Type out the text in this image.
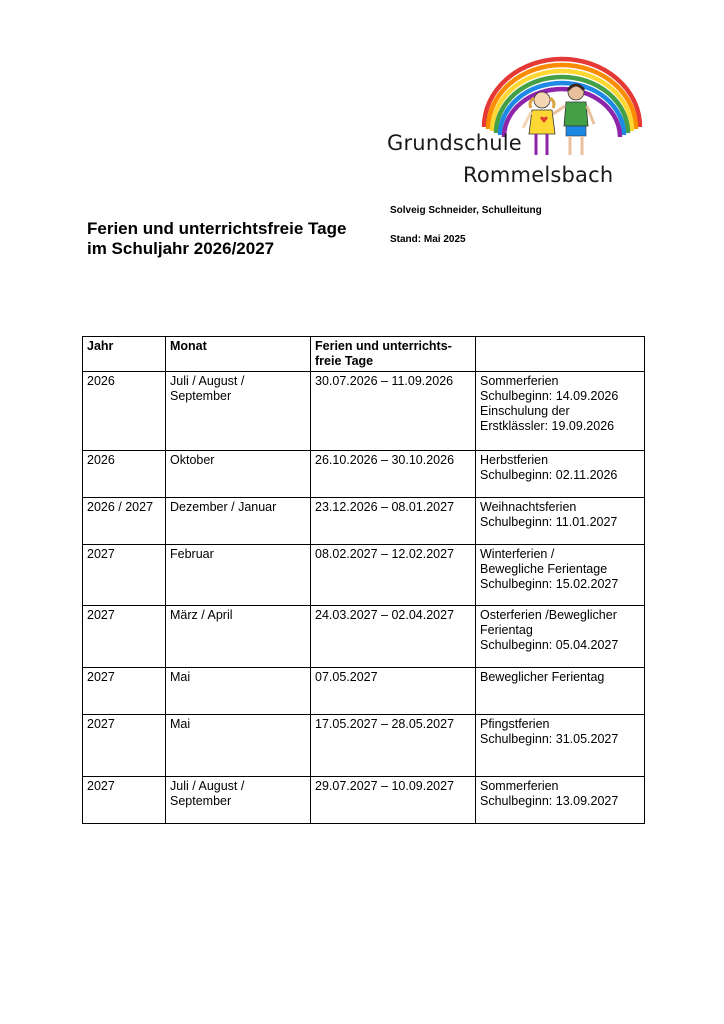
Grundschule
Rommelsbach
Ferien und unterrichtsfreie Tage im Schuljahr 2026/2027
Solveig Schneider, Schulleitung
Stand: Mai 2025
Jahr	Monat	Ferien und unterrichts-
freie Tage	

2026	Juli / August /
September	30.07.2026 – 11.09.2026	Sommerferien
Schulbeginn: 14.09.2026
Einschulung der
Erstklässler: 19.09.2026

2026	Oktober	26.10.2026 – 30.10.2026	Herbstferien
Schulbeginn: 02.11.2026

2026 / 2027	Dezember / Januar	23.12.2026 – 08.01.2027	Weihnachtsferien
Schulbeginn: 11.01.2027

2027	Februar	08.02.2027 – 12.02.2027	Winterferien /
Bewegliche Ferientage
Schulbeginn: 15.02.2027

2027	März / April	24.03.2027 – 02.04.2027	Osterferien /Beweglicher
Ferientag
Schulbeginn: 05.04.2027

2027	Mai	07.05.2027	Beweglicher Ferientag

2027	Mai	17.05.2027 – 28.05.2027	Pfingstferien
Schulbeginn: 31.05.2027

2027	Juli / August /
September	29.07.2027 – 10.09.2027	Sommerferien
Schulbeginn: 13.09.2027
